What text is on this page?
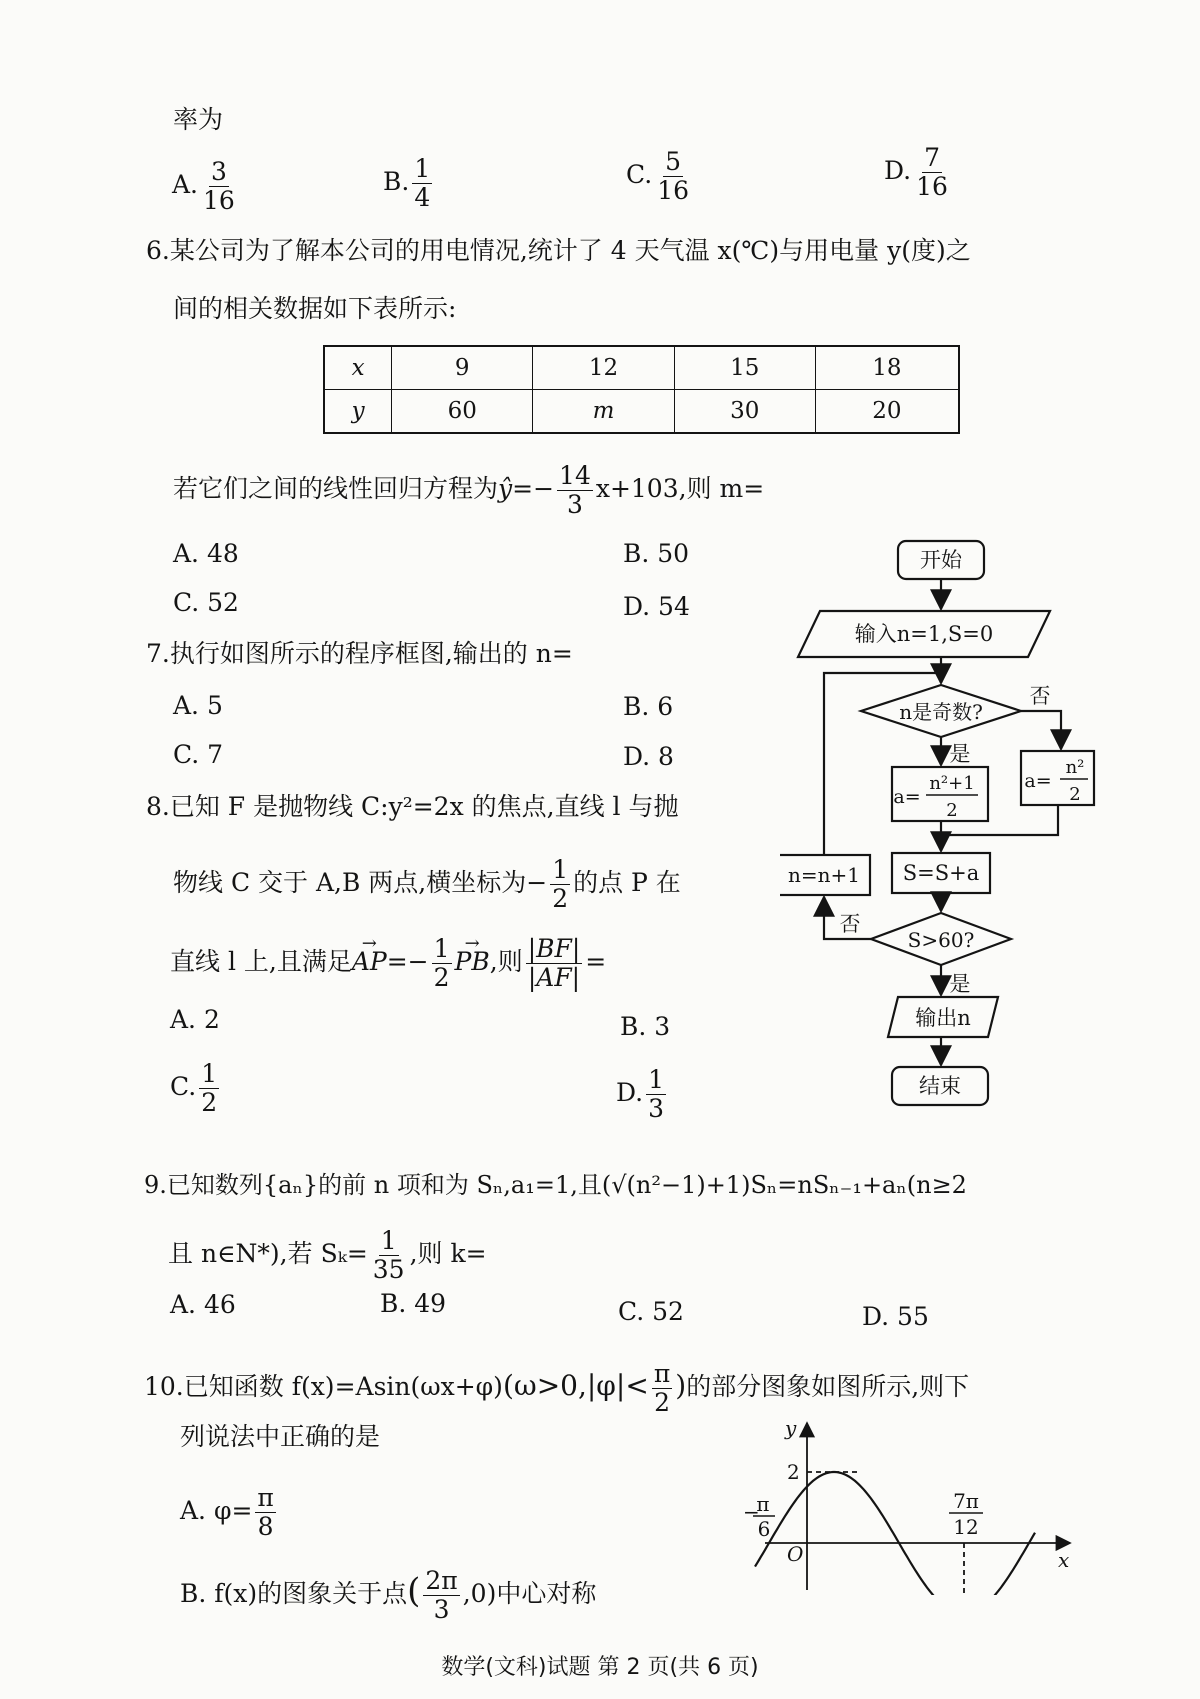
率为
A. $\frac{3}{16}$	B. $\frac{1}{4}$	C. $\frac{5}{16}$	D. $\frac{7}{16}$
6.某公司为了解本公司的用电情况,统计了 4 天气温 x(℃)与用电量 y(度)之
间的相关数据如下表所示:
x	9	12	15	18
y	60	m	30	20
若它们之间的线性回归方程为ŷ=− $\frac{14}{3} x+103$,则 m=
A. 48	B. 50
C. 52	D. 54
7.执行如图所示的程序框图,输出的 n=
A. 5	B. 6
C. 7	D. 8
8.已知 F 是抛物线 C:y²=2x 的焦点,直线 l 与抛
物线 C 交于 A,B 两点,横坐标为− $\frac{1}{2}$ 的点 P 在
直线 l 上,且满足→ $AP=- \frac{1}{2}$ → PB,则 $\frac{|BF|}{|AF|}$ =
A. 2	B. 3
C. $\frac{1}{2}$	D. $\frac{1}{3}$
开始
输入n=1,S=0
n是奇数?
否
是
a=
n²+1
2
a=
n²
2
S=S+a
n=n+1
S>60?
否
是
输出n
结束
9.已知数列{aₙ}的前 n 项和为 Sₙ,a₁=1,且(√(n²−1)+1)Sₙ=nSₙ₋₁+aₙ(n≥2
且 n∈N*),若 $S_k= \frac{1}{35}$ ,则 k=
A. 46	B. 49	C. 52	D. 55
10.已知函数 $f(x)=Asin(\omega x+\varphi)(\omega>0,|\varphi|< \frac{\pi}{2}$ )的部分图象如图所示,则下
列说法中正确的是
A. $\varphi= \frac{\pi}{8}$
B. f(x)的图象关于点( $\frac{2\pi}{3} ,0$)中心对称
y
x
O
2
−
π
6
7π
12
数学(文科)试题 第 2 页(共 6 页)
